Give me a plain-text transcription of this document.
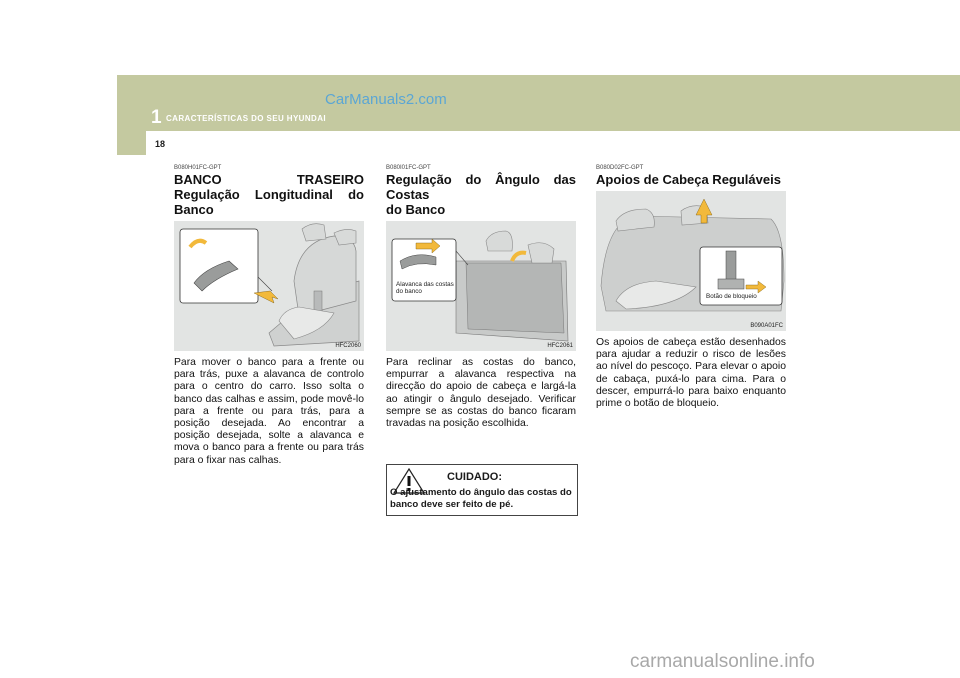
1 CARACTERÍSTICAS DO SEU HYUNDAI
CarManuals2.com
18
B080H01FC-GPT
BANCO TRASEIRO
Regulação Longitudinal do
Banco
HFC2060
Para mover o banco para a frente ou para trás, puxe a alavanca de controlo para o centro do carro. Isso solta o banco das calhas e assim, pode movê-lo para a frente ou para trás, para a posição desejada. Ao encontrar a posição desejada, solte a alavanca e mova o banco para a frente ou para trás para o fixar nas calhas.
B080I01FC-GPT
Regulação do Ângulo das Costas
do Banco
Alavanca das costas do banco
HFC2061
Para reclinar as costas do banco, empurrar a alavanca respectiva na direcção do apoio de cabeça e largá-la ao atingir o ângulo desejado. Verificar sempre se as costas do banco ficaram travadas na posição escolhida.
B080D02FC-GPT
Apoios de Cabeça Reguláveis
Botão de bloqueio
B090A01FC
Os apoios de cabeça estão desenhados para ajudar a reduzir o risco de lesões ao nível do pescoço. Para elevar o apoio de cabaça, puxá-lo para cima. Para o descer, empurrá-lo para baixo enquanto prime o botão de bloqueio.
CUIDADO:
O ajustamento do ângulo das costas do banco deve ser feito de pé.
carmanualsonline.info
